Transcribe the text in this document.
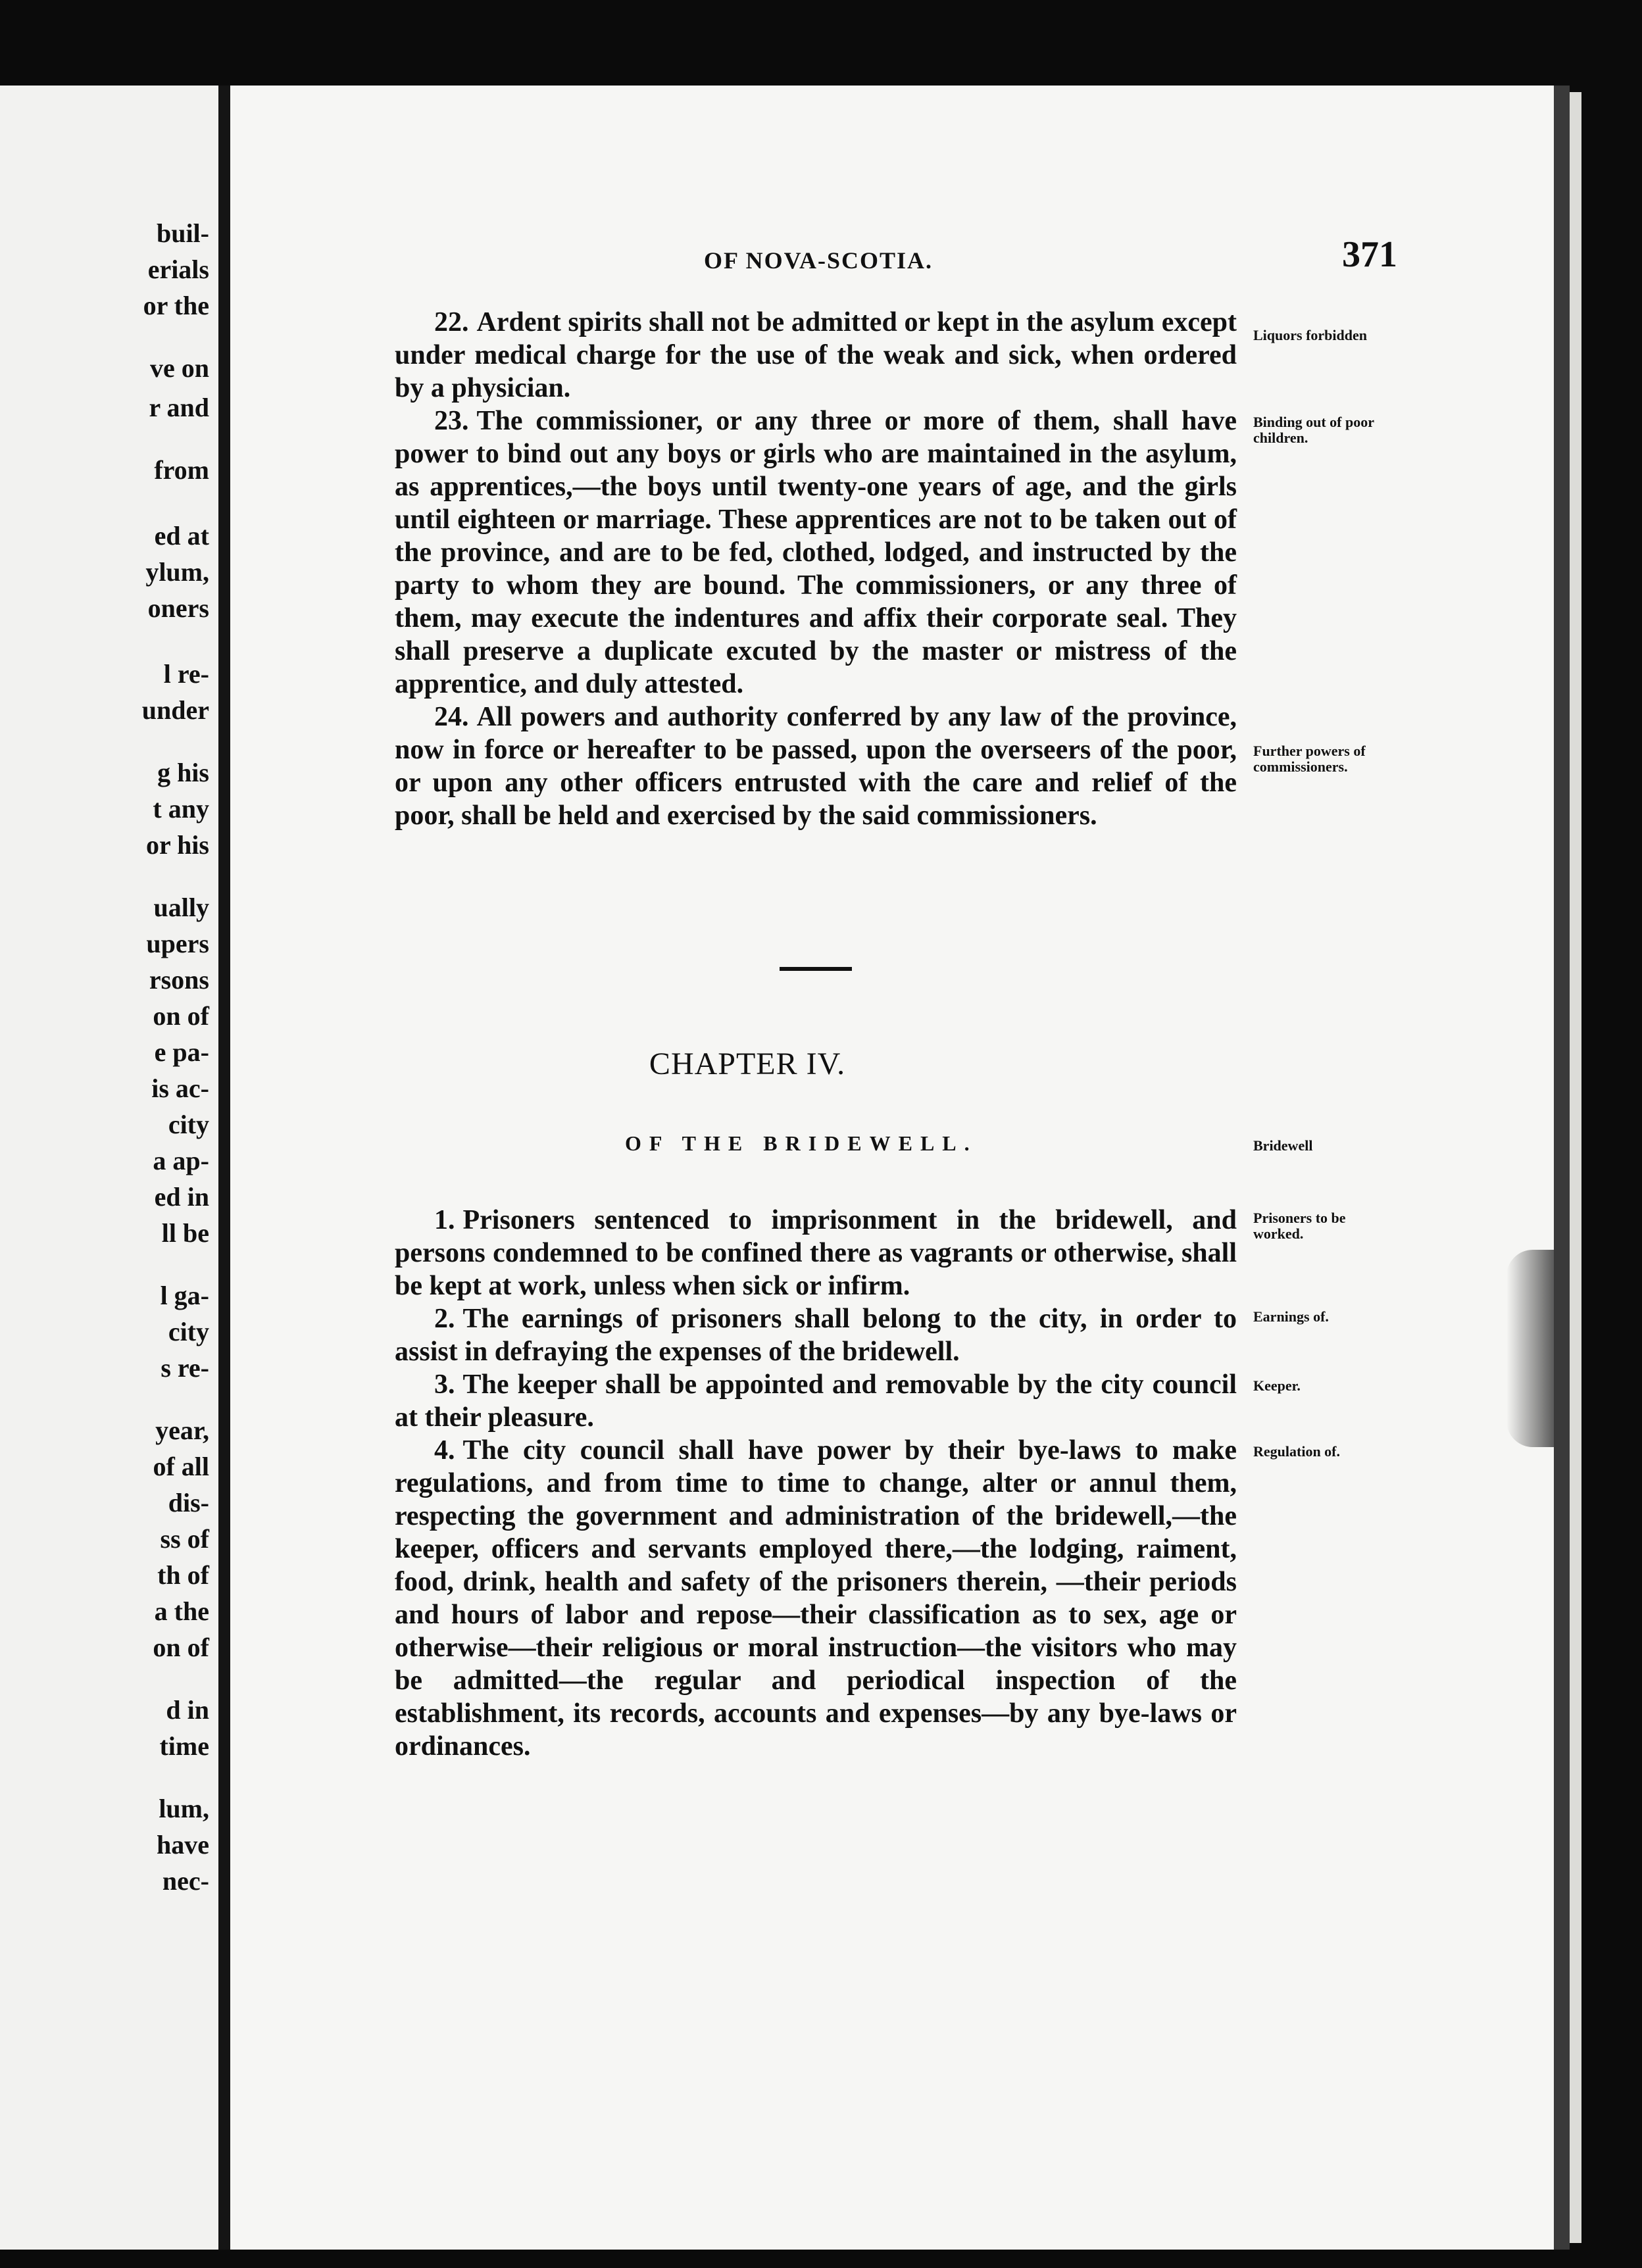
buil-
erials
or the
ve on
r and
from
ed at
ylum,
oners
l re-
under
g his
t any
or his
ually
upers
rsons
on of
e pa-
is ac-
city
a ap-
ed in
ll be
l ga-
city
s re-
year,
of all
dis-
ss of
th of
a the
on of
d in
time
lum,
have
nec-
OF NOVA-SCOTIA.	371
22. Ardent spirits shall not be admitted or kept in the asylum except under medical charge for the use of the weak and sick, when ordered by a physician.
23. The commissioner, or any three or more of them, shall have power to bind out any boys or girls who are maintained in the asylum, as apprentices,—the boys until twenty-one years of age, and the girls until eighteen or marriage. These apprentices are not to be taken out of the province, and are to be fed, clothed, lodged, and instructed by the party to whom they are bound. The commissioners, or any three of them, may execute the indentures and affix their corporate seal. They shall preserve a duplicate excuted by the master or mistress of the apprentice, and duly attested.
24. All powers and authority conferred by any law of the province, now in force or hereafter to be passed, upon the overseers of the poor, or upon any other officers entrusted with the care and relief of the poor, shall be held and exercised by the said commissioners.
CHAPTER IV.
OF THE BRIDEWELL.
1. Prisoners sentenced to imprisonment in the bridewell, and persons condemned to be confined there as vagrants or otherwise, shall be kept at work, unless when sick or infirm.
2. The earnings of prisoners shall belong to the city, in order to assist in defraying the expenses of the bridewell.
3. The keeper shall be appointed and removable by the city council at their pleasure.
4. The city council shall have power by their bye-laws to make regulations, and from time to time to change, alter or annul them, respecting the government and administration of the bridewell,—the keeper, officers and servants employed there,—the lodging, raiment, food, drink, health and safety of the prisoners therein, —their periods and hours of labor and repose—their classification as to sex, age or otherwise—their religious or moral instruction—the visitors who may be admitted—the regular and periodical inspection of the establishment, its records, accounts and expenses—by any bye-laws or ordinances.
Liquors forbidden
Binding out of poor children.
Further powers of commissioners.
Bridewell
Prisoners to be worked.
Earnings of.
Keeper.
Regulation of.
